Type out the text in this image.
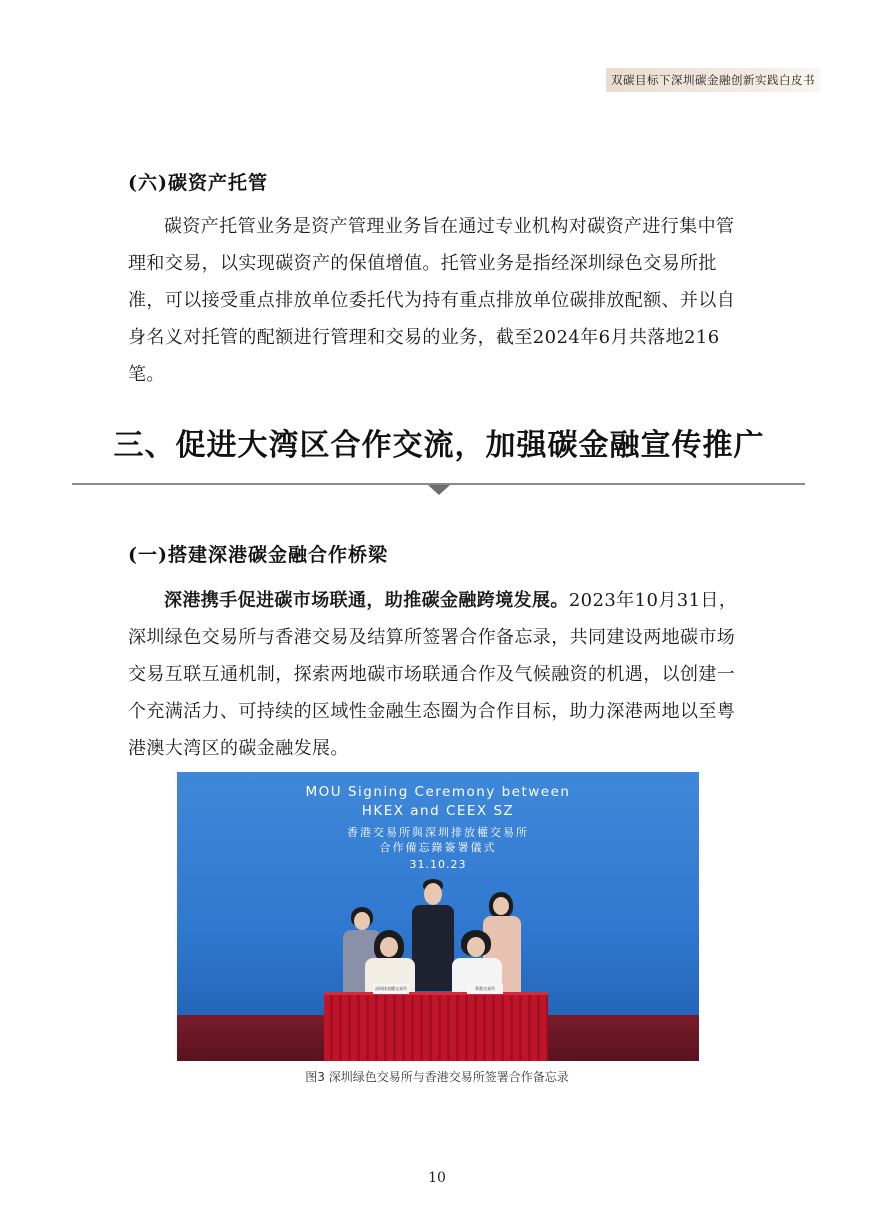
双碳目标下深圳碳金融创新实践白皮书
(六)碳资产托管

碳资产托管业务是资产管理业务旨在通过专业机构对碳资产进行集中管理和交易，以实现碳资产的保值增值。托管业务是指经深圳绿色交易所批准，可以接受重点排放单位委托代为持有重点排放单位碳排放配额、并以自身名义对托管的配额进行管理和交易的业务，截至2024年6月共落地216笔。

三、促进大湾区合作交流，加强碳金融宣传推广
(一)搭建深港碳金融合作桥梁

深港携手促进碳市场联通，助推碳金融跨境发展。2023年10月31日，深圳绿色交易所与香港交易及结算所签署合作备忘录，共同建设两地碳市场交易互联互通机制，探索两地碳市场联通合作及气候融资的机遇，以创建一个充满活力、可持续的区域性金融生态圈为合作目标，助力深港两地以至粤港澳大湾区的碳金融发展。

MOU Signing Ceremony between
HKEX and CEEX SZ
香港交易所與深圳排放權交易所
合作備忘錄簽署儀式
31.10.23
深圳排放權交易所	香港交易所
图3 深圳绿色交易所与香港交易所签署合作备忘录
10
